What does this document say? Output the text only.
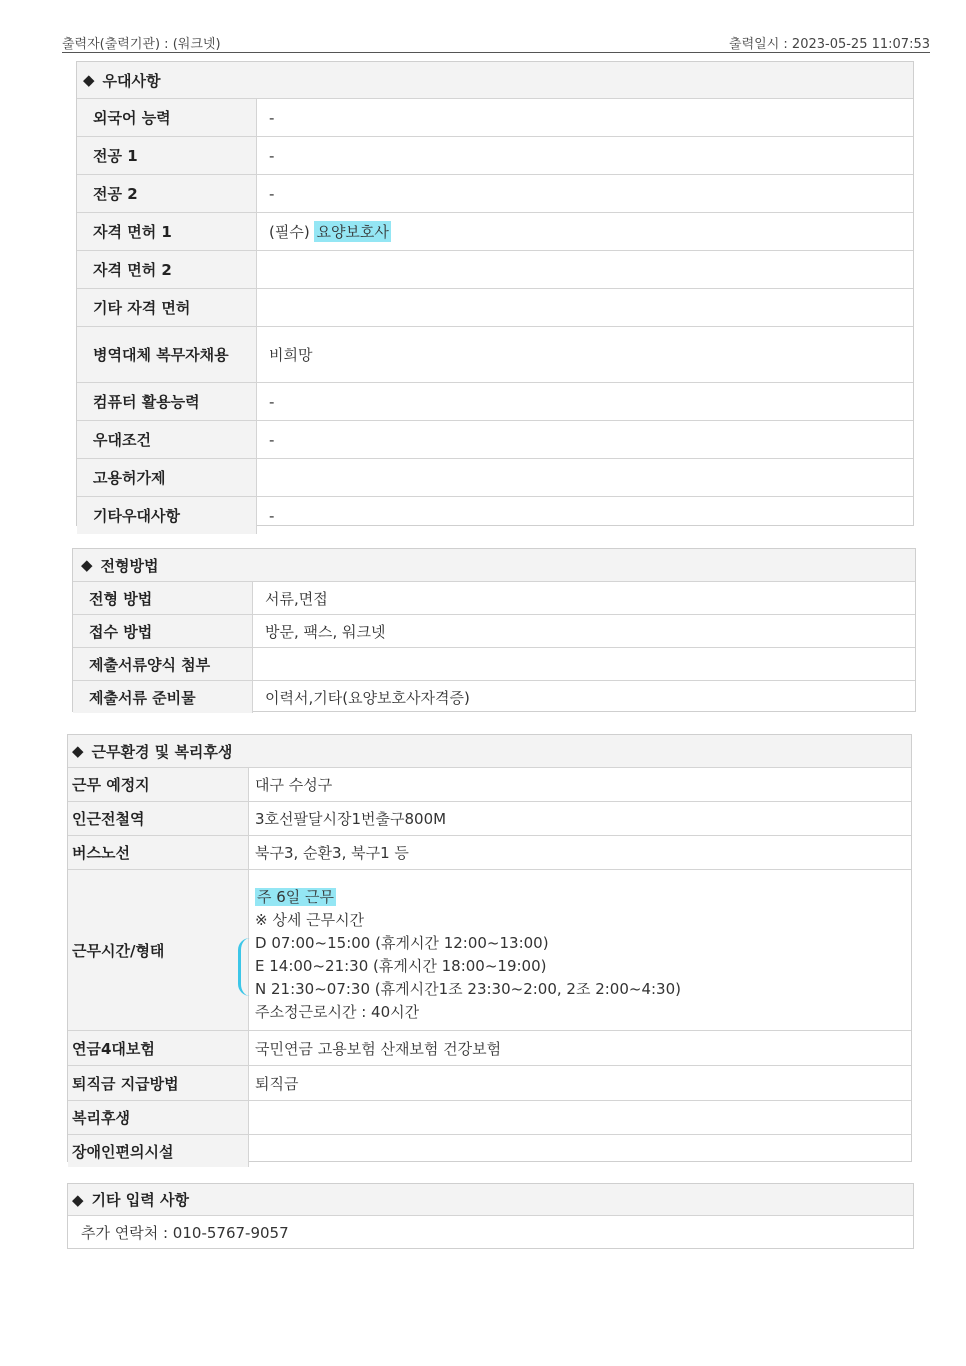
출력자(출력기관) : (워크넷)	출력일시 : 2023-05-25 11:07:53
◆ 우대사항
외국어 능력	-
전공 1	-
전공 2	-
자격 면허 1	(필수) 요양보호사
자격 면허 2
기타 자격 면허
병역대체 복무자채용	비희망
컴퓨터 활용능력	-
우대조건	-
고용허가제
기타우대사항	-
◆ 전형방법
전형 방법	서류,면접
접수 방법	방문, 팩스, 워크넷
제출서류양식 첨부
제출서류 준비물	이력서,기타(요양보호사자격증)
◆ 근무환경 및 복리후생
근무 예정지	대구 수성구
인근전철역	3호선팔달시장1번출구800M
버스노선	북구3, 순환3, 북구1 등
근무시간/형태
주 6일 근무
※ 상세 근무시간
D 07:00~15:00 (휴게시간 12:00~13:00)
E 14:00~21:30 (휴게시간 18:00~19:00)
N 21:30~07:30 (휴게시간1조 23:30~2:00, 2조 2:00~4:30)
주소정근로시간 : 40시간
연금4대보험	국민연금 고용보험 산재보험 건강보험
퇴직금 지급방법	퇴직금
복리후생
장애인편의시설
◆ 기타 입력 사항
추가 연락처 : 010-5767-9057
